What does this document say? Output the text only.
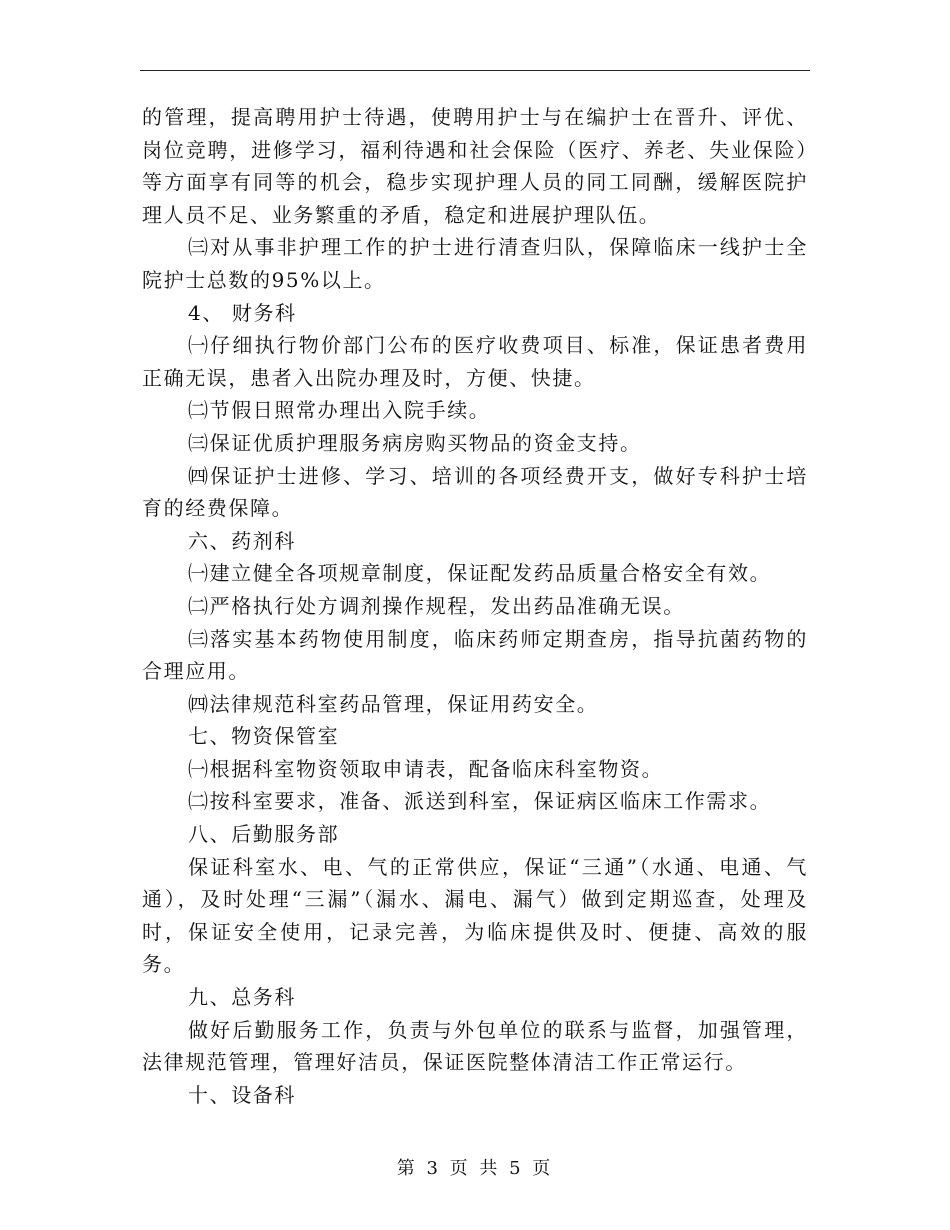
的管理，提高聘用护士待遇，使聘用护士与在编护士在晋升、评优、岗位竞聘，进修学习，福利待遇和社会保险（医疗、养老、失业保险）等方面享有同等的机会，稳步实现护理人员的同工同酬，缓解医院护理人员不足、业务繁重的矛盾，稳定和进展护理队伍。

㈢对从事非护理工作的护士进行清查归队，保障临床一线护士全院护士总数的95%以上。

4、 财务科

㈠仔细执行物价部门公布的医疗收费项目、标准，保证患者费用正确无误，患者入出院办理及时，方便、快捷。

㈡节假日照常办理出入院手续。

㈢保证优质护理服务病房购买物品的资金支持。

㈣保证护士进修、学习、培训的各项经费开支，做好专科护士培育的经费保障。

六、药剂科

㈠建立健全各项规章制度，保证配发药品质量合格安全有效。

㈡严格执行处方调剂操作规程，发出药品准确无误。

㈢落实基本药物使用制度，临床药师定期查房，指导抗菌药物的合理应用。

㈣法律规范科室药品管理，保证用药安全。

七、物资保管室

㈠根据科室物资领取申请表，配备临床科室物资。

㈡按科室要求，准备、派送到科室，保证病区临床工作需求。

八、后勤服务部

保证科室水、电、气的正常供应，保证“三通”（水通、电通、气通），及时处理“三漏”（漏水、漏电、漏气）做到定期巡查，处理及时，保证安全使用，记录完善，为临床提供及时、便捷、高效的服务。

九、总务科

做好后勤服务工作，负责与外包单位的联系与监督，加强管理，法律规范管理，管理好洁员，保证医院整体清洁工作正常运行。

十、设备科

第 3 页 共 5 页
